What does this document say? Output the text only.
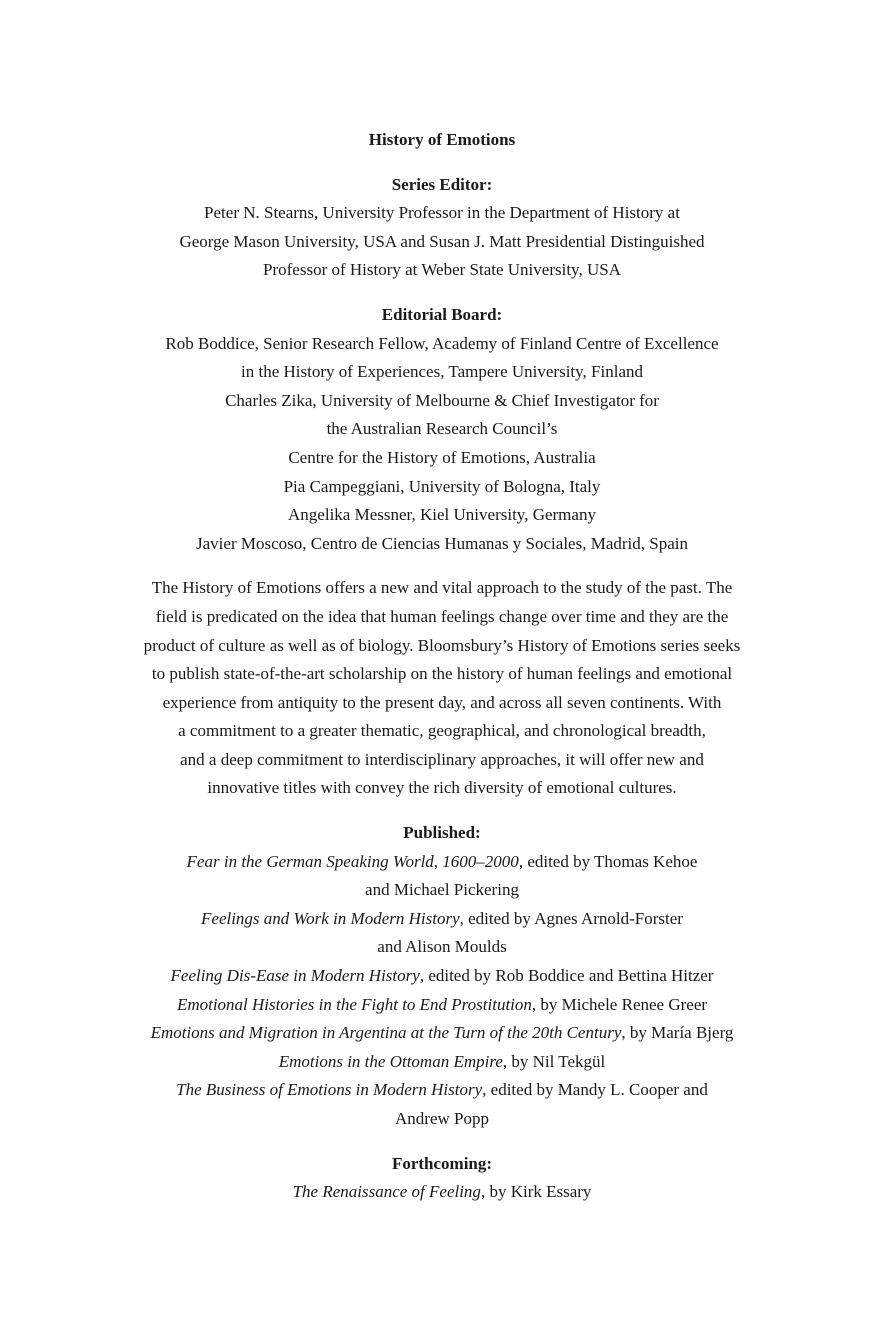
History of Emotions

Series Editor:

Peter N. Stearns, University Professor in the Department of History at
George Mason University, USA and Susan J. Matt Presidential Distinguished
Professor of History at Weber State University, USA

Editorial Board:

Rob Boddice, Senior Research Fellow, Academy of Finland Centre of Excellence
in the History of Experiences, Tampere University, Finland
Charles Zika, University of Melbourne & Chief Investigator for
the Australian Research Council’s
Centre for the History of Emotions, Australia
Pia Campeggiani, University of Bologna, Italy
Angelika Messner, Kiel University, Germany
Javier Moscoso, Centro de Ciencias Humanas y Sociales, Madrid, Spain
The History of Emotions offers a new and vital approach to the study of the past. The
field is predicated on the idea that human feelings change over time and they are the
product of culture as well as of biology. Bloomsbury’s History of Emotions series seeks
to publish state-of-the-art scholarship on the history of human feelings and emotional
experience from antiquity to the present day, and across all seven continents. With
a commitment to a greater thematic, geographical, and chronological breadth,
and a deep commitment to interdisciplinary approaches, it will offer new and
innovative titles with convey the rich diversity of emotional cultures.

Published:

Fear in the German Speaking World, 1600–2000, edited by Thomas Kehoe
and Michael Pickering
Feelings and Work in Modern History, edited by Agnes Arnold-Forster
and Alison Moulds
Feeling Dis-Ease in Modern History, edited by Rob Boddice and Bettina Hitzer
Emotional Histories in the Fight to End Prostitution, by Michele Renee Greer
Emotions and Migration in Argentina at the Turn of the 20th Century, by María Bjerg
Emotions in the Ottoman Empire, by Nil Tekgül
The Business of Emotions in Modern History, edited by Mandy L. Cooper and
Andrew Popp

Forthcoming:

The Renaissance of Feeling, by Kirk Essary
